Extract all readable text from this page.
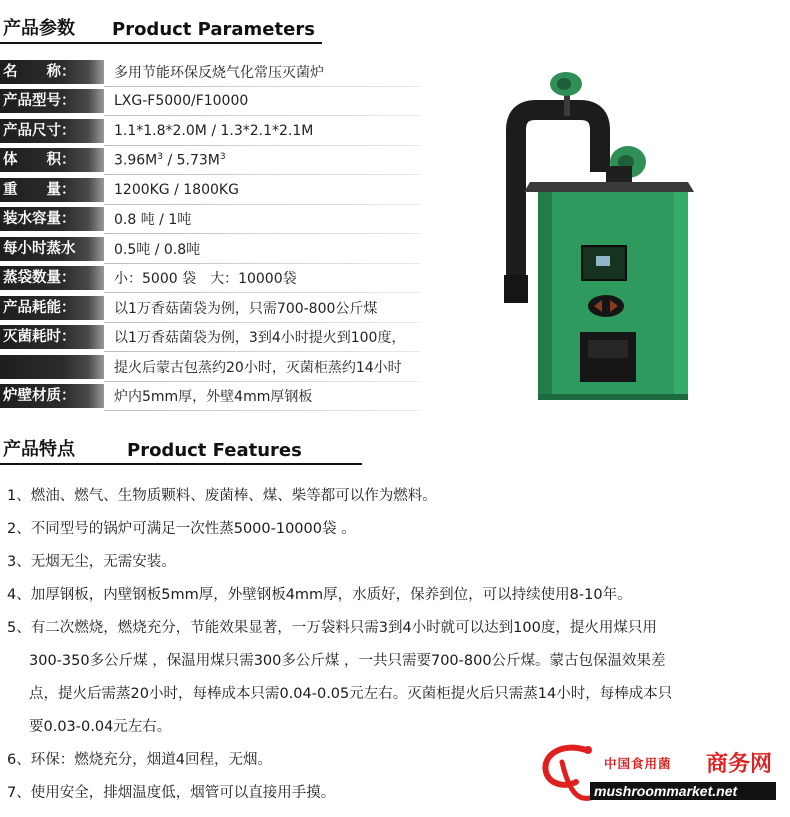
产品参数	Product Parameters
名　　称：	多用节能环保反烧气化常压灭菌炉
产品型号：	LXG-F5000/F10000
产品尺寸：	1.1*1.8*2.0M / 1.3*2.1*2.1M
体　　积：	$3.96M^3 / 5.73M^3$
重　　量：	1200KG / 1800KG
装水容量：	0.8 吨 / 1吨
每小时蒸水	0.5吨 / 0.8吨
蒸袋数量：	小：5000 袋　大：10000袋
产品耗能：	以1万香菇菌袋为例，只需700-800公斤煤
灭菌耗时：	以1万香菇菌袋为例，3到4小时提火到100度，
提火后蒙古包蒸约20小时，灭菌柜蒸约14小时
炉壁材质：	炉内5mm厚，外壁4mm厚钢板
产品特点	Product Features
1、燃油、燃气、生物质颗料、废菌棒、煤、柴等都可以作为燃料。
2、不同型号的锅炉可满足一次性蒸5000-10000袋 。
3、无烟无尘，无需安装。
4、加厚钢板，内壁钢板5mm厚，外壁钢板4mm厚，水质好，保养到位，可以持续使用8-10年。
5、有二次燃烧，燃烧充分，节能效果显著，一万袋料只需3到4小时就可以达到100度，提火用煤只用
300-350多公斤煤 ，保温用煤只需300多公斤煤 ，一共只需要700-800公斤煤。蒙古包保温效果差
点，提火后需蒸20小时，每棒成本只需0.04-0.05元左右。灭菌柜提火后只需蒸14小时，每棒成本只
要0.03-0.04元左右。
6、环保：燃烧充分，烟道4回程，无烟。
7、使用安全，排烟温度低，烟管可以直接用手摸。
中国食用菌 商务网
mushroommarket.net
